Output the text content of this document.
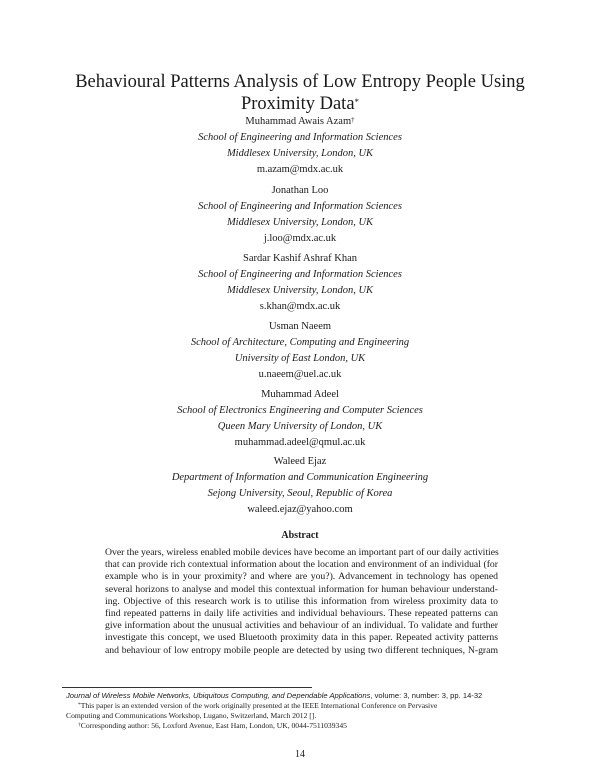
Behavioural Patterns Analysis of Low Entropy People Using
Proximity Data*
Muhammad Awais Azam†
School of Engineering and Information Sciences
Middlesex University, London, UK
m.azam@mdx.ac.uk
Jonathan Loo
School of Engineering and Information Sciences
Middlesex University, London, UK
j.loo@mdx.ac.uk
Sardar Kashif Ashraf Khan
School of Engineering and Information Sciences
Middlesex University, London, UK
s.khan@mdx.ac.uk
Usman Naeem
School of Architecture, Computing and Engineering
University of East London, UK
u.naeem@uel.ac.uk
Muhammad Adeel
School of Electronics Engineering and Computer Sciences
Queen Mary University of London, UK
muhammad.adeel@qmul.ac.uk
Waleed Ejaz
Department of Information and Communication Engineering
Sejong University, Seoul, Republic of Korea
waleed.ejaz@yahoo.com
Abstract
Over the years, wireless enabled mobile devices have become an important part of our daily activities
that can provide rich contextual information about the location and environment of an individual (for
example who is in your proximity? and where are you?). Advancement in technology has opened
several horizons to analyse and model this contextual information for human behaviour understand-
ing. Objective of this research work is to utilise this information from wireless proximity data to
find repeated patterns in daily life activities and individual behaviours. These repeated patterns can
give information about the unusual activities and behaviour of an individual. To validate and further
investigate this concept, we used Bluetooth proximity data in this paper. Repeated activity patterns
and behaviour of low entropy mobile people are detected by using two different techniques, N-gram
Journal of Wireless Mobile Networks, Ubiquitous Computing, and Dependable Applications, volume: 3, number: 3, pp. 14-32
*This paper is an extended version of the work originally presented at the IEEE International Conference on Pervasive
Computing and Communications Workshop, Lugano, Switzerland, March 2012 [].
†Corresponding author: 56, Loxford Avenue, East Ham, London, UK, 0044-7511039345
14
